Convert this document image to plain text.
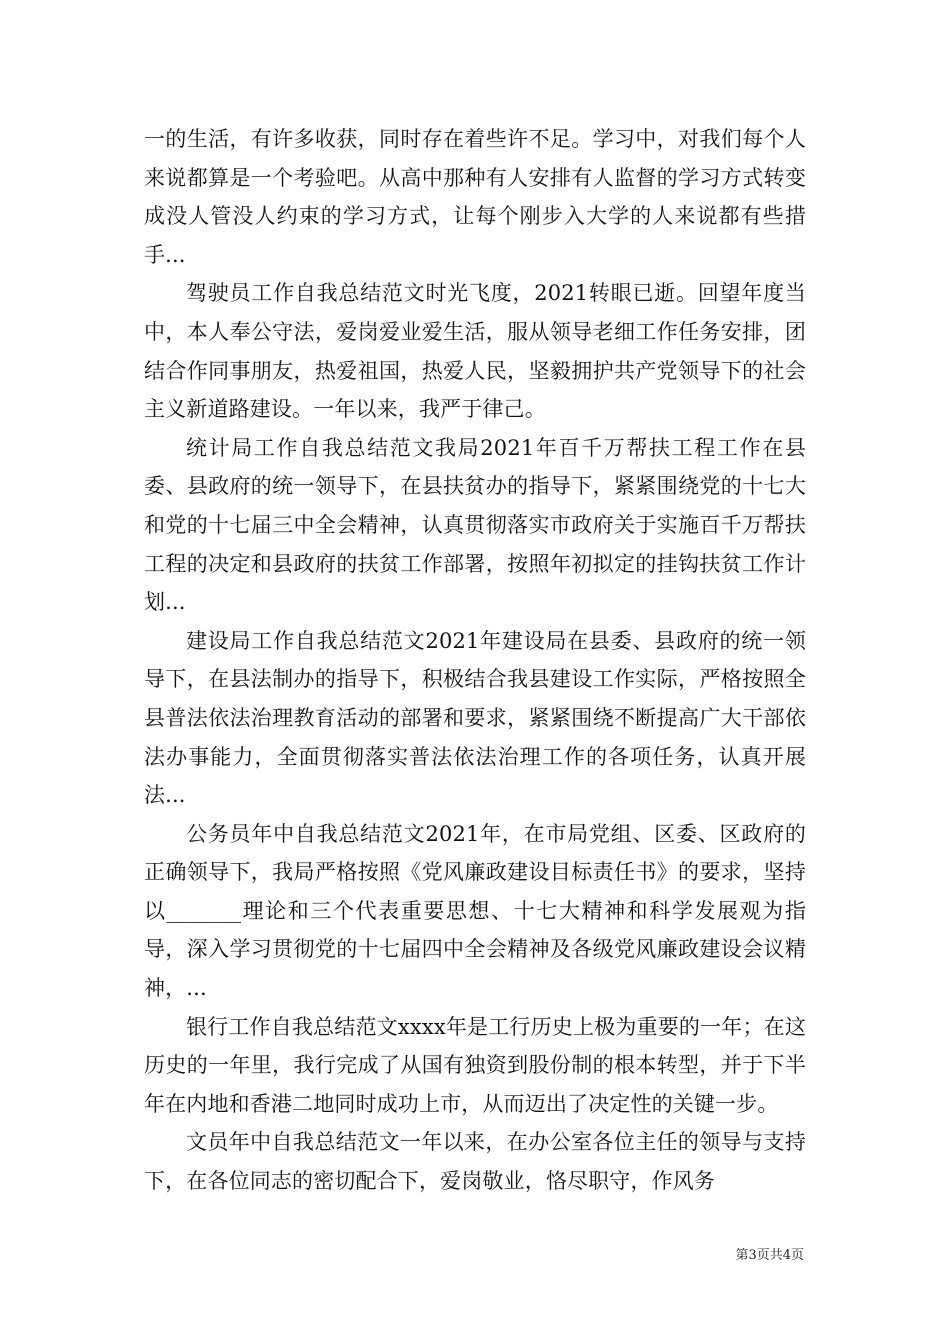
一的生活，有许多收获，同时存在着些许不足。学习中，对我们每个人来说都算是一个考验吧。从高中那种有人安排有人监督的学习方式转变成没人管没人约束的学习方式，让每个刚步入大学的人来说都有些措手...

驾驶员工作自我总结范文时光飞度，2021转眼已逝。回望年度当中，本人奉公守法，爱岗爱业爱生活，服从领导老细工作任务安排，团结合作同事朋友，热爱祖国，热爱人民，坚毅拥护共产党领导下的社会主义新道路建设。一年以来，我严于律己。

统计局工作自我总结范文我局2021年百千万帮扶工程工作在县委、县政府的统一领导下，在县扶贫办的指导下，紧紧围绕党的十七大和党的十七届三中全会精神，认真贯彻落实市政府关于实施百千万帮扶工程的决定和县政府的扶贫工作部署，按照年初拟定的挂钩扶贫工作计划...

建设局工作自我总结范文2021年建设局在县委、县政府的统一领导下，在县法制办的指导下，积极结合我县建设工作实际，严格按照全县普法依法治理教育活动的部署和要求，紧紧围绕不断提高广大干部依法办事能力，全面贯彻落实普法依法治理工作的各项任务，认真开展法...

公务员年中自我总结范文2021年，在市局党组、区委、区政府的正确领导下，我局严格按照《党风廉政建设目标责任书》的要求，坚持以_______理论和三个代表重要思想、十七大精神和科学发展观为指导，深入学习贯彻党的十七届四中全会精神及各级党风廉政建设会议精神，...

银行工作自我总结范文xxxx年是工行历史上极为重要的一年；在这历史的一年里，我行完成了从国有独资到股份制的根本转型，并于下半年在内地和香港二地同时成功上市，从而迈出了决定性的关键一步。

文员年中自我总结范文一年以来，在办公室各位主任的领导与支持下，在各位同志的密切配合下，爱岗敬业，恪尽职守，作风务

第3页共4页
